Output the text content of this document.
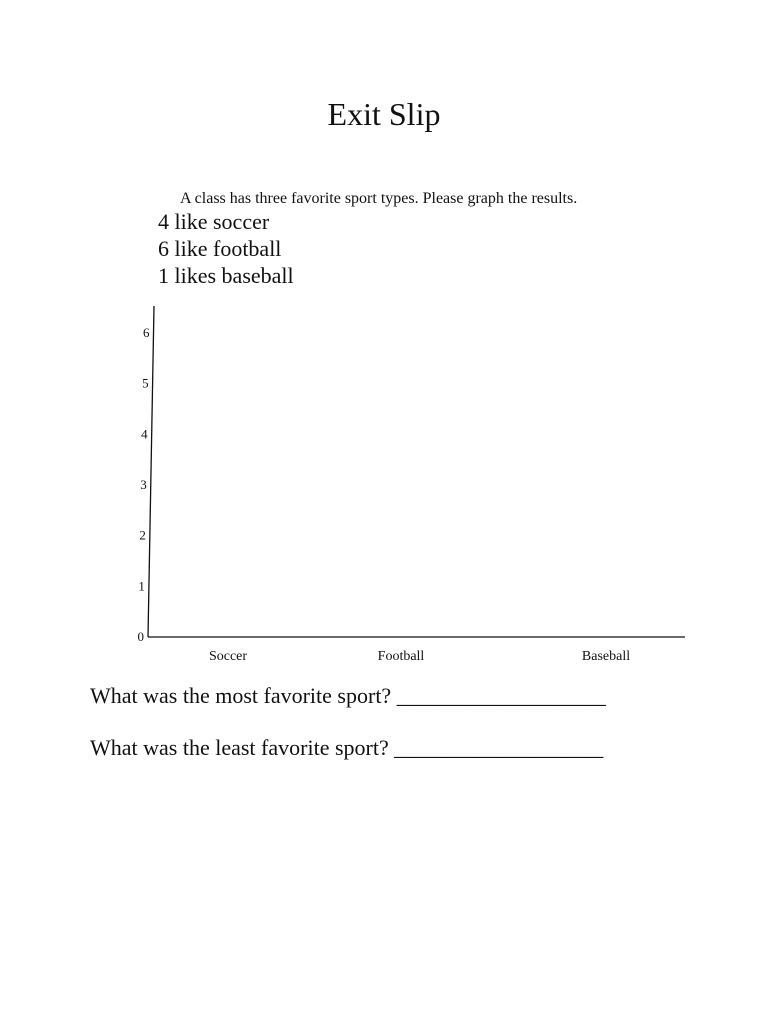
Exit Slip
A class has three favorite sport types. Please graph the results.
4 like soccer
6 like football
1 likes baseball
0
1
2
3
4
5
6
Soccer	Football	Baseball
What was the most favorite sport? ___________________
What was the least favorite sport? ___________________
